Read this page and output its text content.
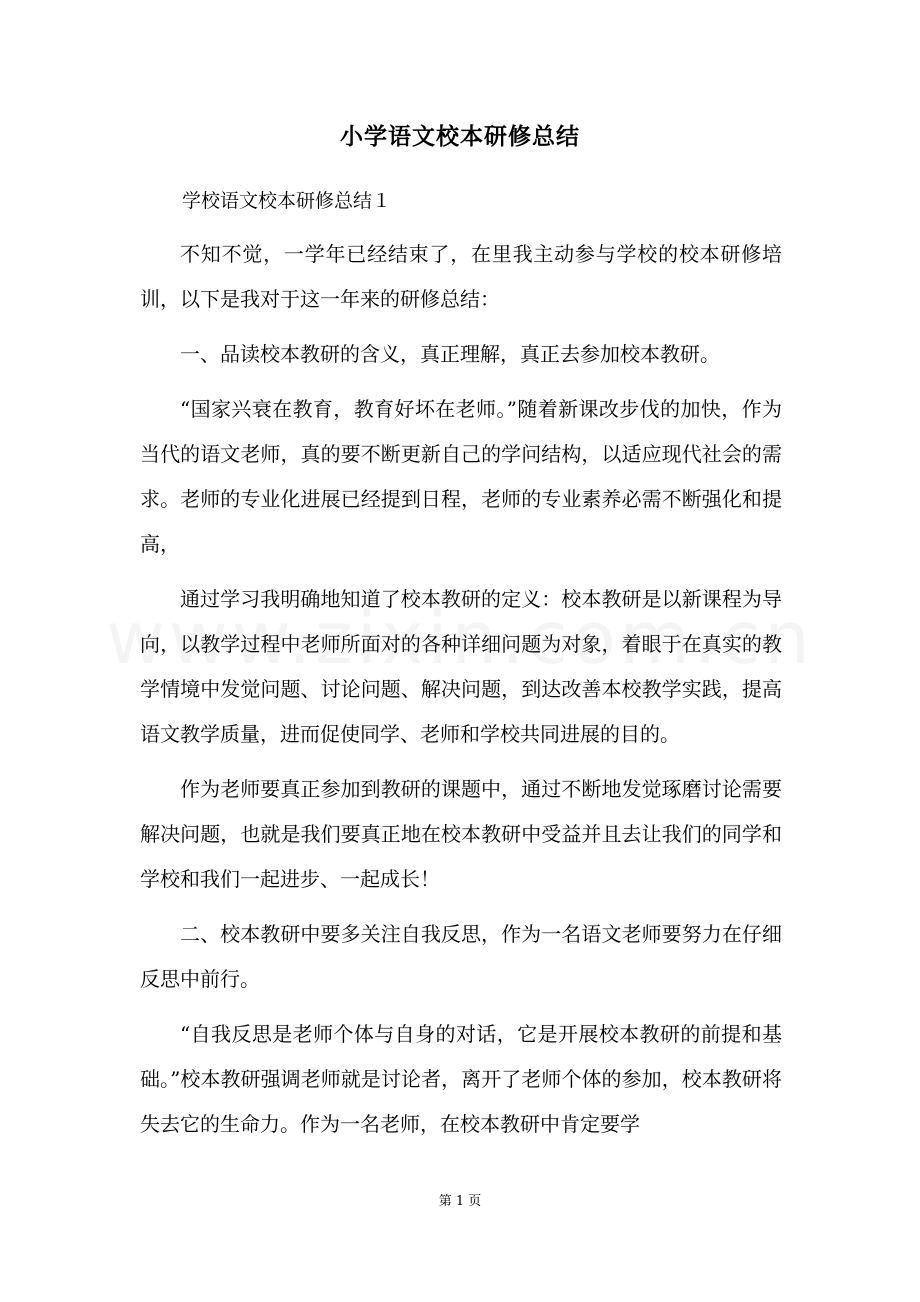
小学语文校本研修总结

学校语文校本研修总结１

不知不觉，一学年已经结束了，在里我主动参与学校的校本研修培训，以下是我对于这一年来的研修总结：

一、品读校本教研的含义，真正理解，真正去参加校本教研。

“国家兴衰在教育，教育好坏在老师。”随着新课改步伐的加快，作为当代的语文老师，真的要不断更新自己的学问结构，以适应现代社会的需求。老师的专业化进展已经提到日程，老师的专业素养必需不断强化和提高，

通过学习我明确地知道了校本教研的定义：校本教研是以新课程为导向，以教学过程中老师所面对的各种详细问题为对象，着眼于在真实的教学情境中发觉问题、讨论问题、解决问题，到达改善本校教学实践，提高语文教学质量，进而促使同学、老师和学校共同进展的目的。

作为老师要真正参加到教研的课题中，通过不断地发觉琢磨讨论需要解决问题，也就是我们要真正地在校本教研中受益并且去让我们的同学和学校和我们一起进步、一起成长！

二、校本教研中要多关注自我反思，作为一名语文老师要努力在仔细反思中前行。

“自我反思是老师个体与自身的对话，它是开展校本教研的前提和基础。”校本教研强调老师就是讨论者，离开了老师个体的参加，校本教研将失去它的生命力。作为一名老师，在校本教研中肯定要学

第 1 页
